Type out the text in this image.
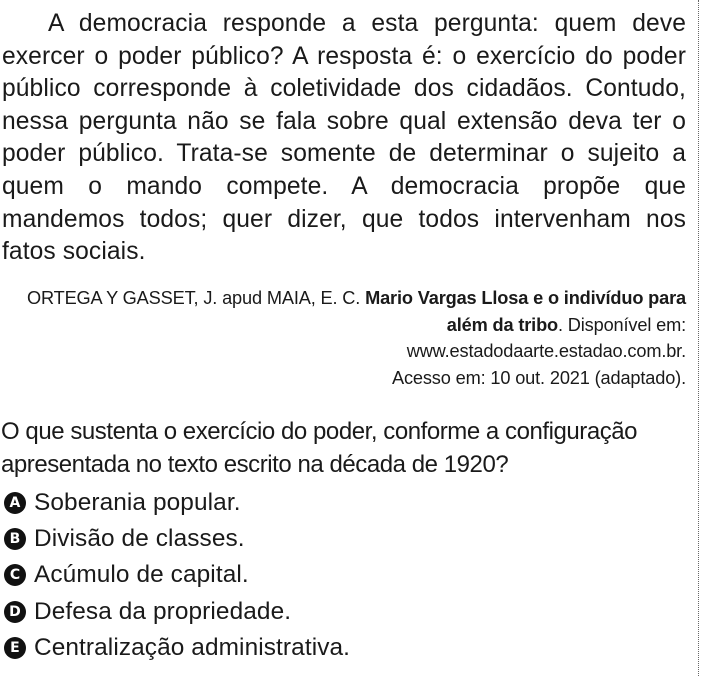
A democracia responde a esta pergunta: quem deve exercer o poder público? A resposta é: o exercício do poder público corresponde à coletividade dos cidadãos. Contudo, nessa pergunta não se fala sobre qual extensão deva ter o poder público. Trata-se somente de determinar o sujeito a quem o mando compete. A democracia propõe que mandemos todos; quer dizer, que todos intervenham nos fatos sociais.

ORTEGA Y GASSET, J. apud MAIA, E. C. Mario Vargas Llosa e o indivíduo para além da tribo. Disponível em:
www.estadodaarte.estadao.com.br.
Acesso em: 10 out. 2021 (adaptado).

O que sustenta o exercício do poder, conforme a configuração apresentada no texto escrito na década de 1920?

A Soberania popular.
B Divisão de classes.
C Acúmulo de capital.
D Defesa da propriedade.
E Centralização administrativa.
